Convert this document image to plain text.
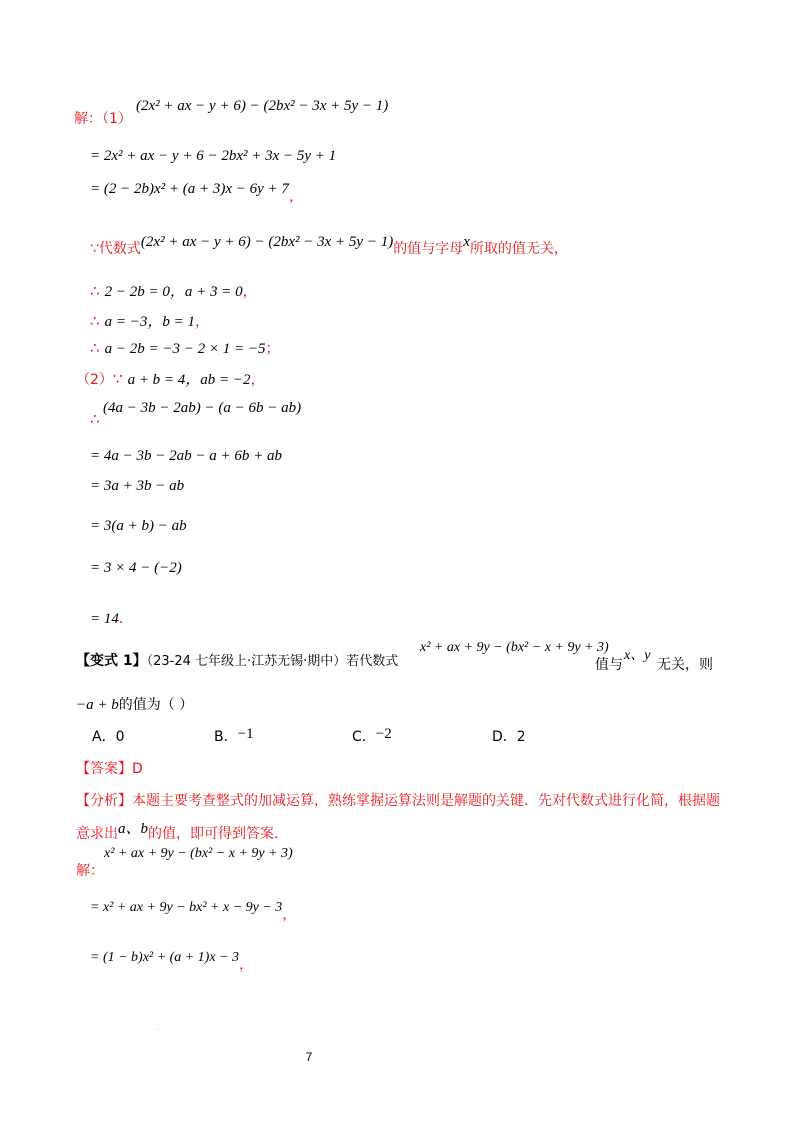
.
.
解：（1）
(2x² + ax − y + 6) − (2bx² − 3x + 5y − 1)
= 2x² + ax − y + 6 − 2bx² + 3x − 5y + 1
= (2 − 2b)x² + (a + 3)x − 6y + 7，
∵代数式(2x² + ax − y + 6) − (2bx² − 3x + 5y − 1)的值与字母x所取的值无关，
∴ 2 − 2b = 0，a + 3 = 0，
∴ a = −3，b = 1，
∴ a − 2b = −3 − 2 × 1 = −5；
（2）∵ a + b = 4，ab = −2，
∴
(4a − 3b − 2ab) − (a − 6b − ab)
= 4a − 3b − 2ab − a + 6b + ab
= 3a + 3b − ab
= 3(a + b) − ab
= 3 × 4 − (−2)
= 14．
【变式 1】（23-24 七年级上·江苏无锡·期中）若代数式
x² + ax + 9y − (bx² − x + 9y + 3)
值与
x、y
无关，则
−a + b的值为（ ）
A．0	B．−1	C．−2	D．2
【答案】D
【分析】本题主要考查整式的加减运算，熟练掌握运算法则是解题的关键．先对代数式进行化简，根据题
意求出a、b的值，即可得到答案．
解：
x² + ax + 9y − (bx² − x + 9y + 3)
= x² + ax + 9y − bx² + x − 9y − 3，
= (1 − b)x² + (a + 1)x − 3，
7
